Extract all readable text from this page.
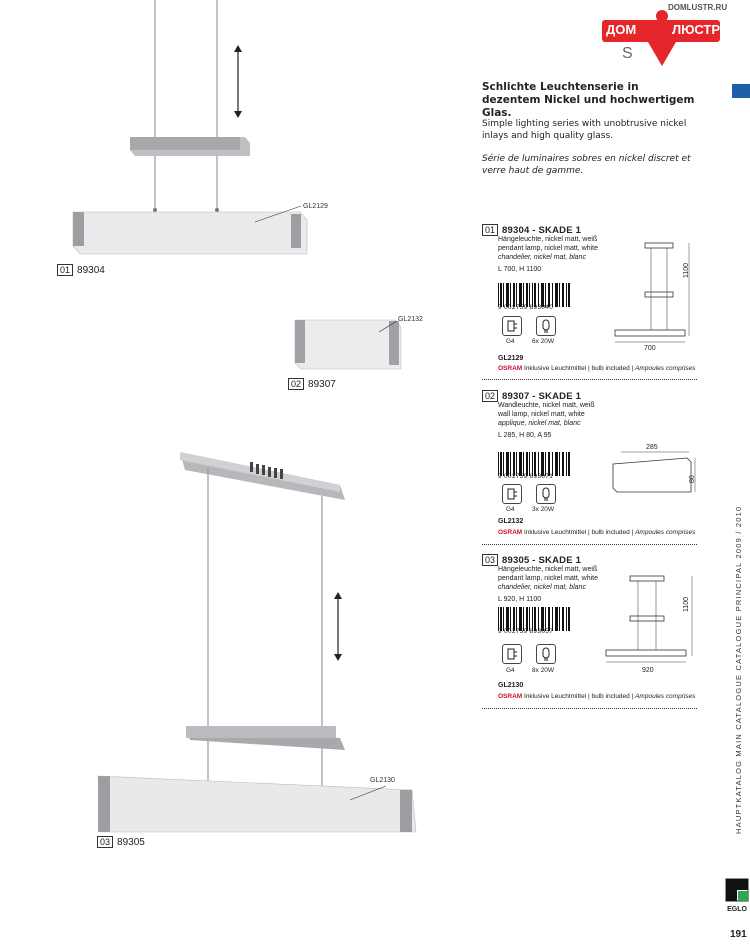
DOMLUSTR.RU
ДОМ	ЛЮСТР
S
Schlichte Leuchtenserie in dezentem Nickel und hochwertigem Glas.
Simple lighting series with unobtrusive nickel inlays and high quality glass.
Série de luminaires sobres en nickel discret et verre haut de gamme.
GL2129
01 89304
GL2132
02 89307
GL2130
03 89305
01 89304 - SKADE 1
Hängeleuchte, nickel matt, weiß
pendant lamp, nickel matt, white
chandelier, nickel mat, blanc
L 700, H 1100
9 002759 893040
G4	6x 20W
1100
700
GL2129
OSRAM Inklusive Leuchtmittel | bulb included | Ampoules comprises
02 89307 - SKADE 1
Wandleuchte, nickel matt, weiß
wall lamp, nickel matt, white
applique, nickel mat, blanc
L 285, H 80, A 95
9 002759 893071
G4	3x 20W
285
80
GL2132
OSRAM Inklusive Leuchtmittel | bulb included | Ampoules comprises
03 89305 - SKADE 1
Hängeleuchte, nickel matt, weiß
pendant lamp, nickel matt, white
chandelier, nickel mat, blanc
L 920, H 1100
9 002759 893057
G4	8x 20W
1100
920
GL2130
OSRAM Inklusive Leuchtmittel | bulb included | Ampoules comprises	HAUPTKATALOG MAIN CATALOGUE CATALOGUE PRINCIPAL 2009 / 2010
EGLO
191
